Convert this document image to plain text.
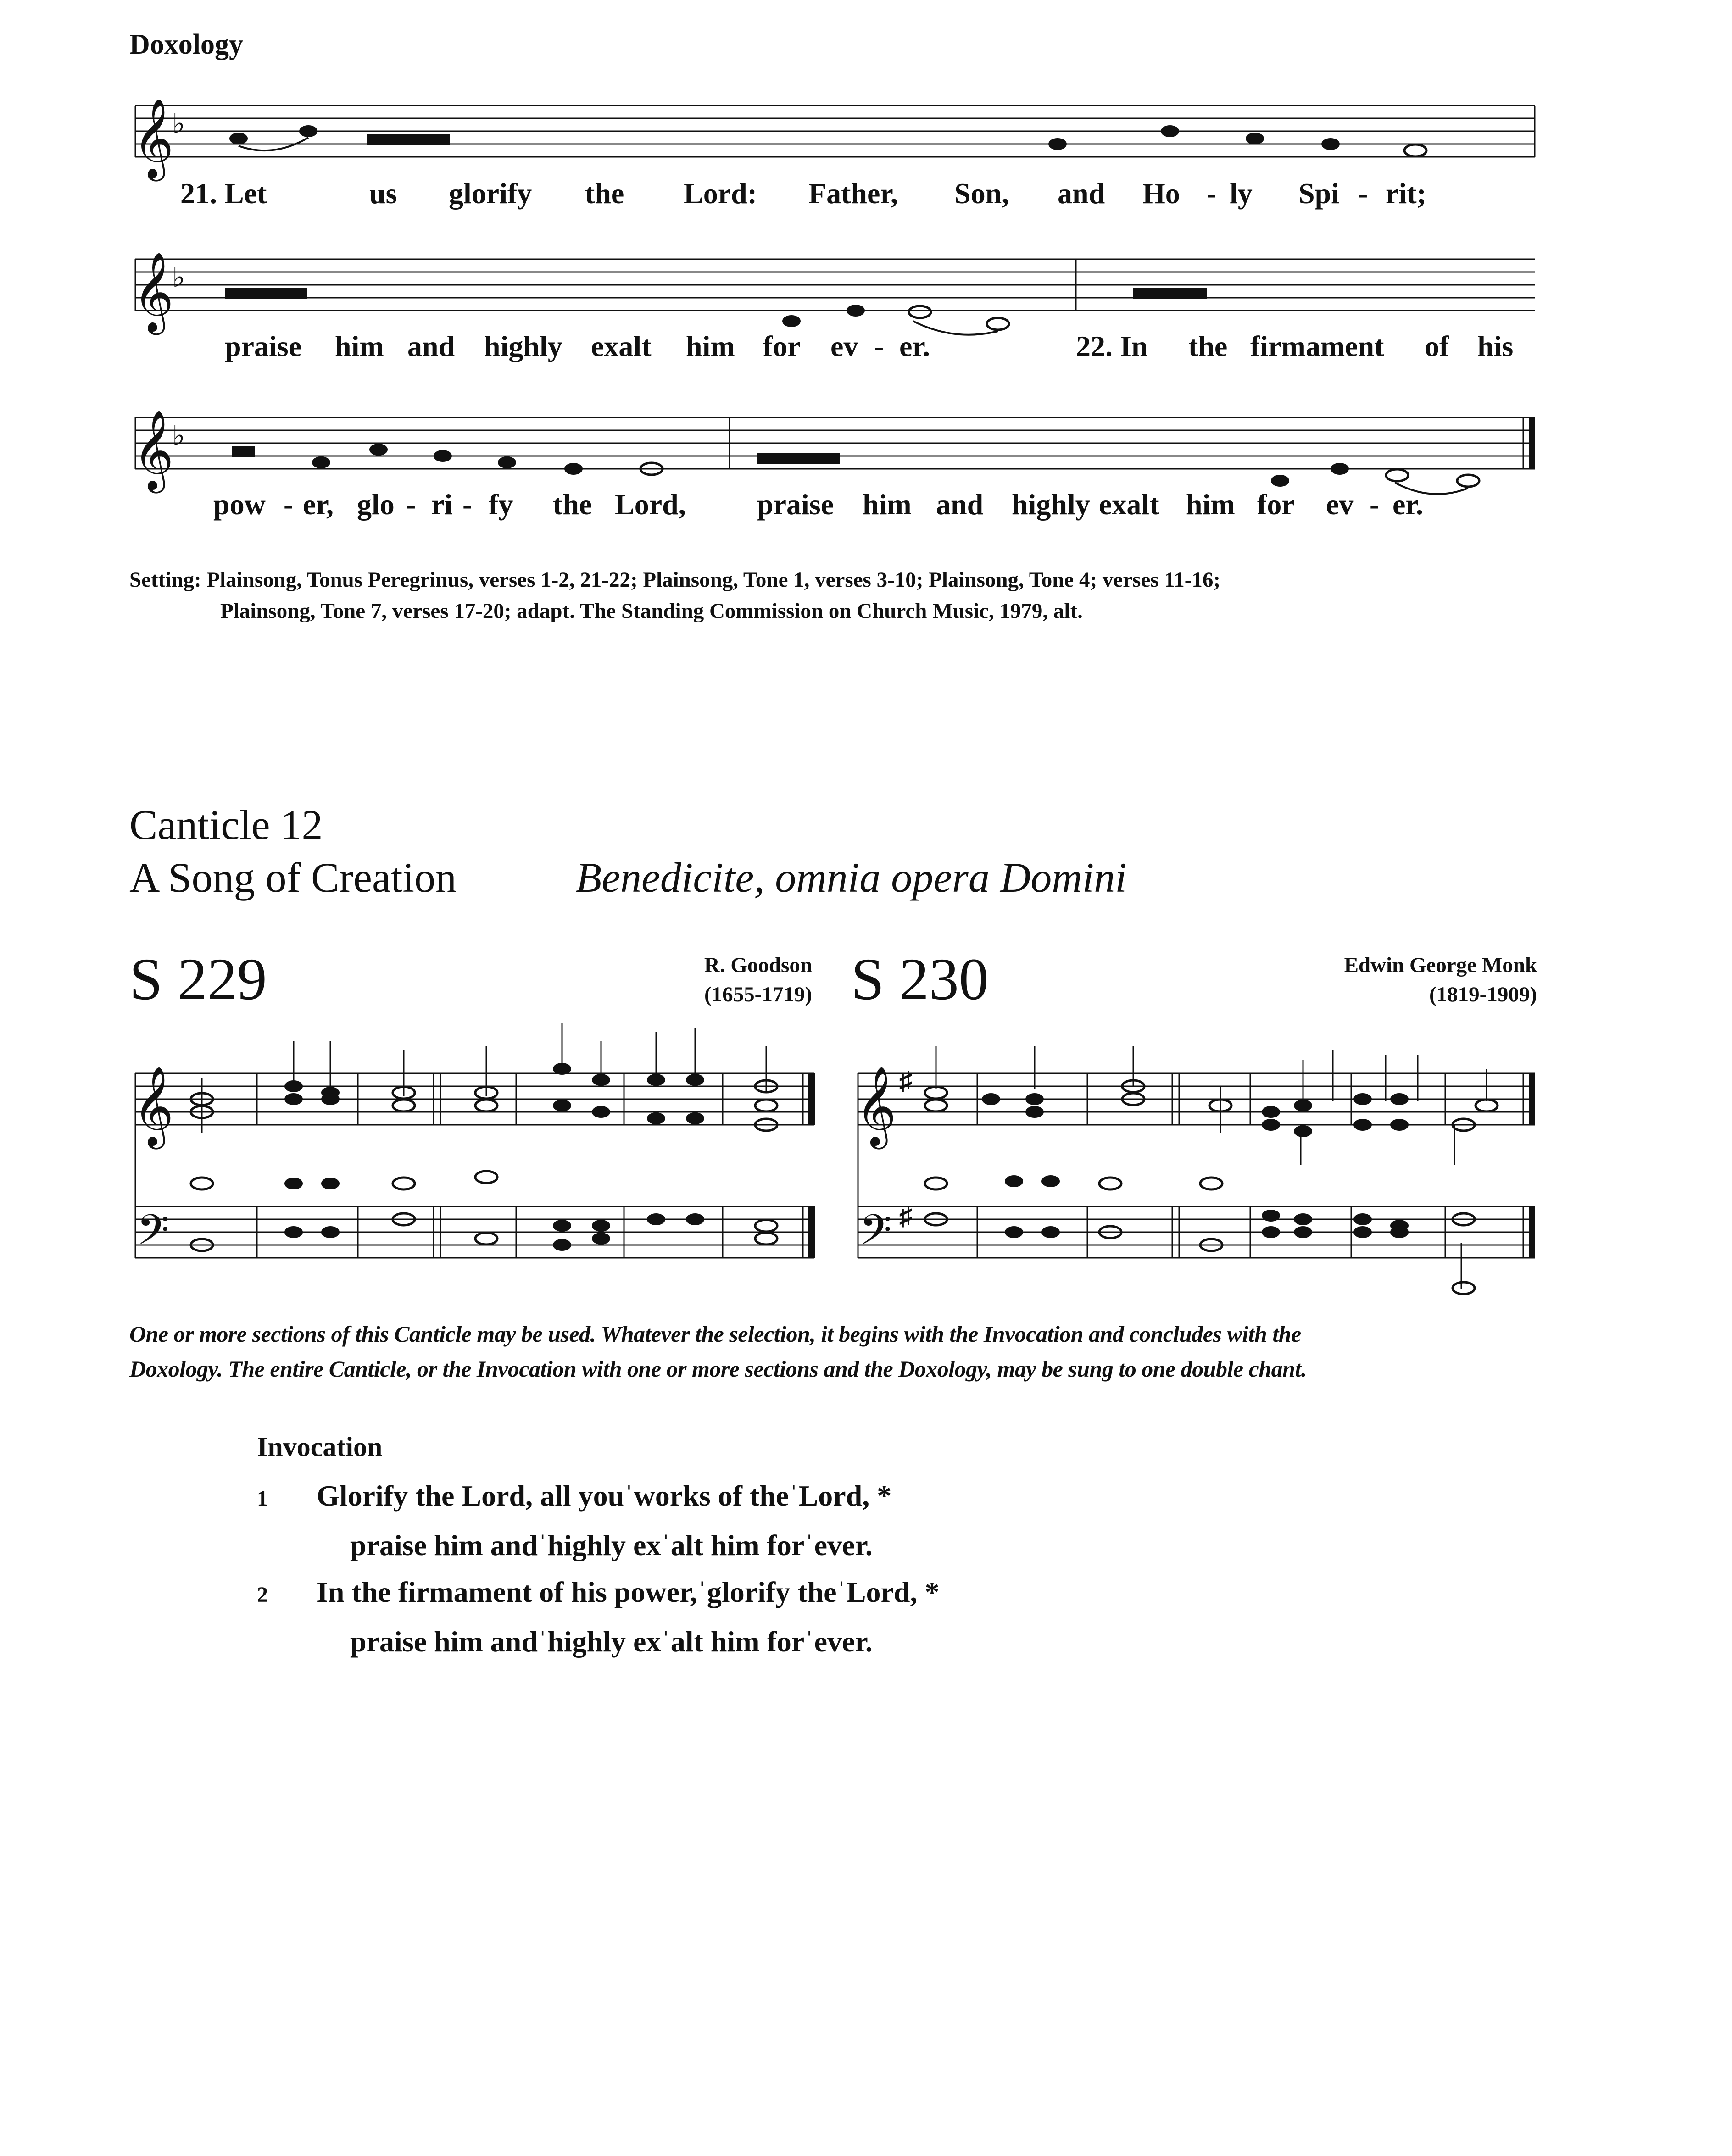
Doxology
𝄞
𝄞
𝄞
♭
♭
♭
21. Let	us glorify the Lord: Father, Son, and Ho - ly Spi - rit;
praise him and highly exalt him for ev - er.	22. In the firmament of his
pow - er, glo - ri - fy the Lord, praise him and highly exalt him for ev - er.
Setting: Plainsong, Tonus Peregrinus, verses 1-2, 21-22; Plainsong, Tone 1, verses 3-10; Plainsong, Tone 4; verses 11-16;
Plainsong, Tone 7, verses 17-20; adapt. The Standing Commission on Church Music, 1979, alt.
Canticle 12
A Song of Creation	Benedicite, omnia opera Domini
S 229	R. Goodson
(1655-1719) S 230	Edwin George Monk
(1819-1909)
𝄞	𝄞
𝄢	𝄢
♯
♯
One or more sections of this Canticle may be used. Whatever the selection, it begins with the Invocation and concludes with the
Doxology. The entire Canticle, or the Invocation with one or more sections and the Doxology, may be sung to one double chant.
Invocation
1 Glorify the Lord, all youˈworks of theˈLord, *
praise him andˈhighly exˈalt him forˈever.
2 In the firmament of his power,ˈglorify theˈLord, *
praise him andˈhighly exˈalt him forˈever.
